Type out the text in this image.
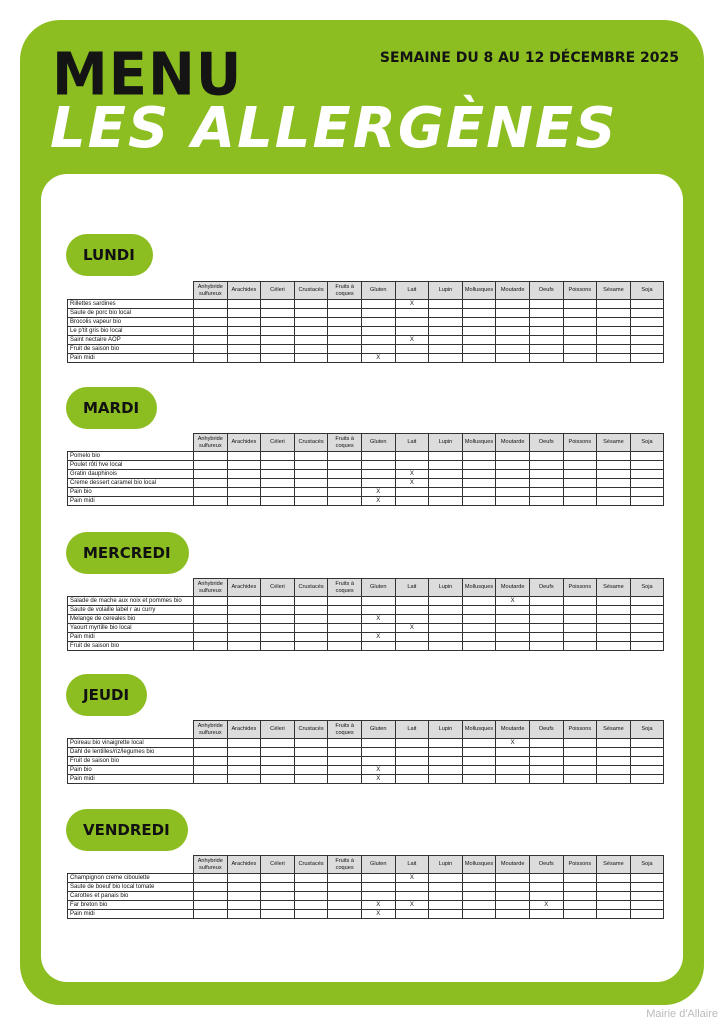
MENU
LES ALLERGÈNES
SEMAINE DU 8 AU 12 DÉCEMBRE 2025
LUNDI
	Anhybride sulfureux	Arachides	Céleri	Crustacés	Fruits à coques	Gluten	Lait	Lupin	Mollusques	Moutarde	Oeufs	Poissons	Sésame	Soja
Rillettes sardines							X							
Saute de porc bio local														
Brocolis vapeur bio														
Le p'tit gris bio local														
Saint nectaire AOP							X							
Fruit de saison bio														
Pain midi						X								
MARDI
	Anhybride sulfureux	Arachides	Céleri	Crustacés	Fruits à coques	Gluten	Lait	Lupin	Mollusques	Moutarde	Oeufs	Poissons	Sésame	Soja
Pomelo bio														
Poulet rôti hve local														
Gratin dauphinois							X							
Creme dessert caramel bio local							X							
Pain bio						X								
Pain midi						X								
MERCREDI
	Anhybride sulfureux	Arachides	Céleri	Crustacés	Fruits à coques	Gluten	Lait	Lupin	Mollusques	Moutarde	Oeufs	Poissons	Sésame	Soja
Salade de mache aux noix et pommes bio										X				
Saute de volaille label r au curry														
Melange de cereales bio						X								
Yaourt myrtille bio local							X							
Pain midi						X								
Fruit de saison bio														
JEUDI
	Anhybride sulfureux	Arachides	Céleri	Crustacés	Fruits à coques	Gluten	Lait	Lupin	Mollusques	Moutarde	Oeufs	Poissons	Sésame	Soja
Poireau bio vinaigrette local										X				
Dahl de lentilles/riz/legumes bio														
Fruit de saison bio														
Pain bio						X								
Pain midi						X								
VENDREDI
	Anhybride sulfureux	Arachides	Céleri	Crustacés	Fruits à coques	Gluten	Lait	Lupin	Mollusques	Moutarde	Oeufs	Poissons	Sésame	Soja
Champignon creme ciboulette							X							
Saute de boeuf bio local tomate														
Carottes et panais bio														
Far breton bio						X	X				X			
Pain midi						X								
Mairie d'Allaire
